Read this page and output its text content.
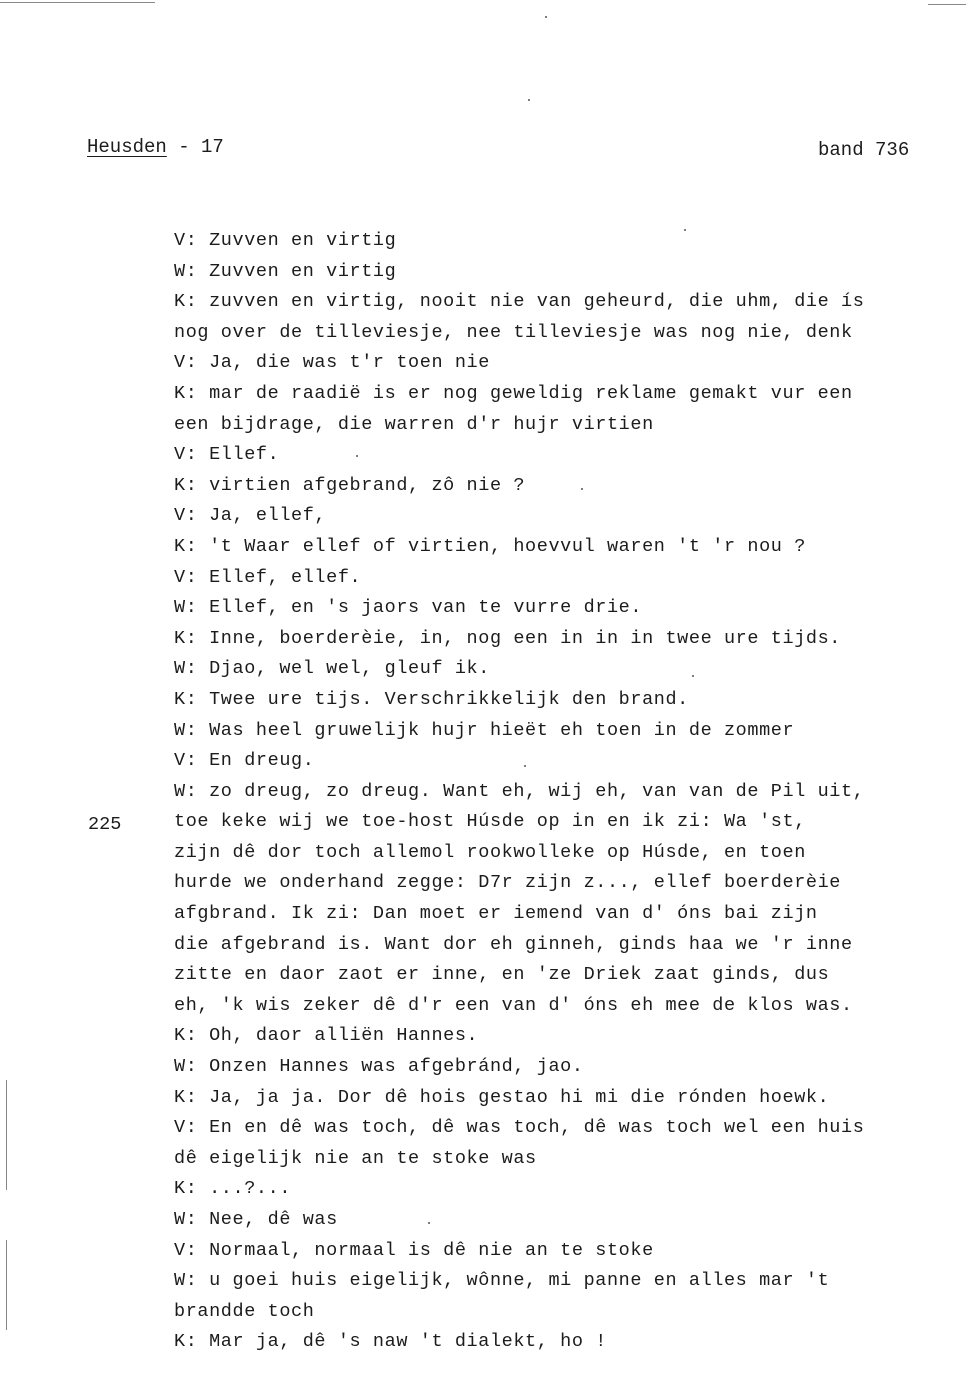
Heusden - 17	band 736
225
V: Zuvven en virtig
W: Zuvven en virtig
K: zuvven en virtig, nooit nie van geheurd, die uhm, die ís
nog over de tilleviesje, nee tilleviesje was nog nie, denk
V: Ja, die was t'r toen nie
K: mar de raadië is er nog geweldig reklame gemakt vur een
een bijdrage, die warren d'r hujr virtien
V: Ellef.
K: virtien afgebrand, zô nie ?
V: Ja, ellef,
K: 't Waar ellef of virtien, hoevvul waren 't 'r nou ?
V: Ellef, ellef.
W: Ellef, en 's jaors van te vurre drie.
K: Inne, boerderèie, in, nog een in in in twee ure tijds.
W: Djao, wel wel, gleuf ik.
K: Twee ure tijs. Verschrikkelijk den brand.
W: Was heel gruwelijk hujr hieët eh toen in de zommer
V: En dreug.
W: zo dreug, zo dreug. Want eh, wij eh, van van de Pil uit,
toe keke wij we toe-host Húsde op in en ik zi: Wa 'st,
zijn dê dor toch allemol rookwolleke op Húsde, en toen
hurde we onderhand zegge: D7r zijn z..., ellef boerderèie
afgbrand. Ik zi: Dan moet er iemend van d' óns bai zijn
die afgebrand is. Want dor eh ginneh, ginds haa we 'r inne
zitte en daor zaot er inne, en 'ze Driek zaat ginds, dus
eh, 'k wis zeker dê d'r een van d' óns eh mee de klos was.
K: Oh, daor alliën Hannes.
W: Onzen Hannes was afgebránd, jao.
K: Ja, ja ja. Dor dê hois gestao hi mi die rónden hoewk.
V: En en dê was toch, dê was toch, dê was toch wel een huis
dê eigelijk nie an te stoke was
K: ...?...
W: Nee, dê was
V: Normaal, normaal is dê nie an te stoke
W: u goei huis eigelijk, wônne, mi panne en alles mar 't
brandde toch
K: Mar ja, dê 's naw 't dialekt, ho !
